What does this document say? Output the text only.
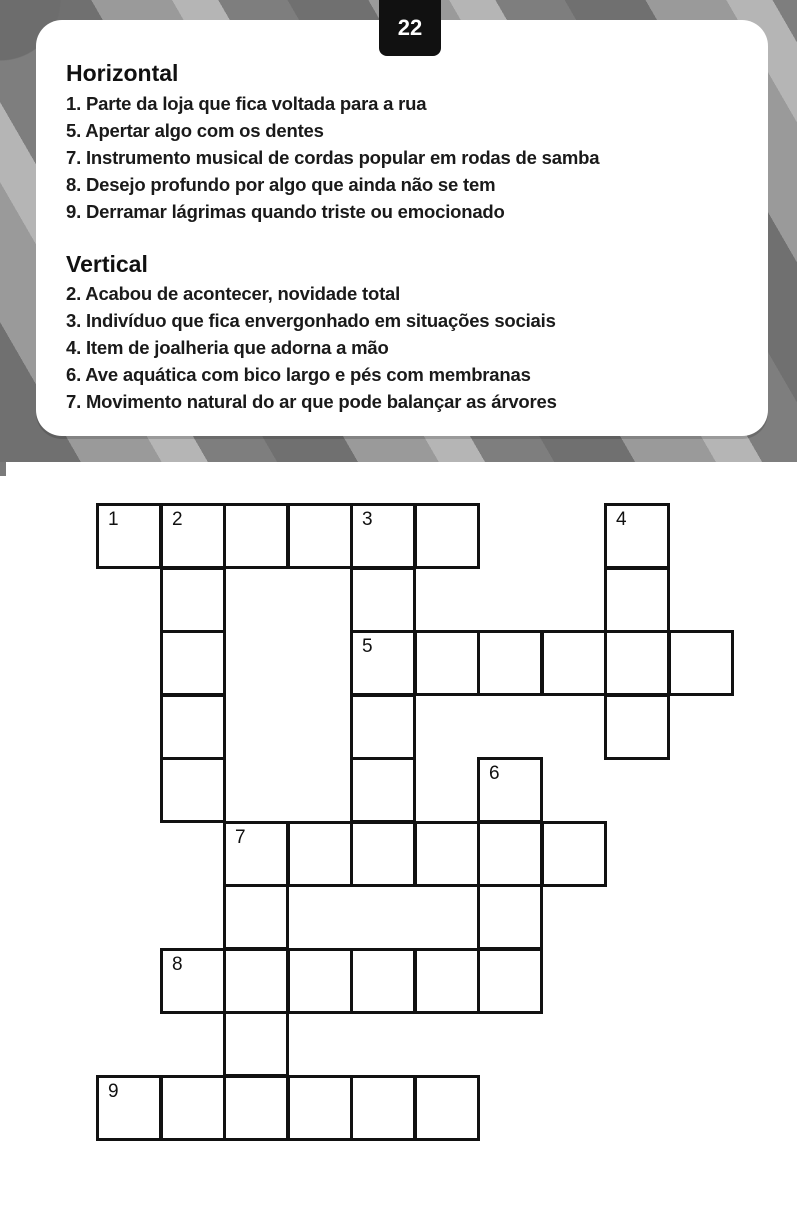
22
Horizontal
1. Parte da loja que fica voltada para a rua
5. Apertar algo com os dentes
7. Instrumento musical de cordas popular em rodas de samba
8. Desejo profundo por algo que ainda não se tem
9. Derramar lágrimas quando triste ou emocionado
Vertical
2. Acabou de acontecer, novidade total
3. Indivíduo que fica envergonhado em situações sociais
4. Item de joalheria que adorna a mão
6. Ave aquática com bico largo e pés com membranas
7. Movimento natural do ar que pode balançar as árvores
1	2	3
5
4
6
7
8
9
